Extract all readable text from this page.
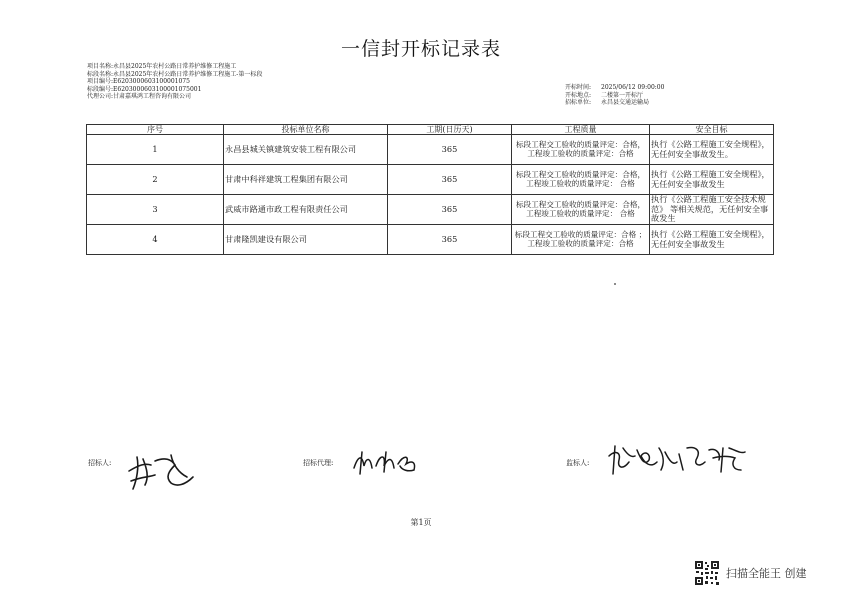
一信封开标记录表
项目名称:永昌县2025年农村公路日常养护维修工程施工
标段名称:永昌县2025年农村公路日常养护维修工程施工-第一标段
项目编号:E6203000603100001075
标段编号:E6203000603100001075001
代理公司:甘肃嘉琪鸿工程咨询有限公司
开标时间: 2025/06/12 09:00:00
开标地点: 二楼第一开标厅
招标单位: 永昌县交通运输局
序号	投标单位名称	工期(日历天)	工程质量	安全目标
1	永昌县城关镇建筑安装工程有限公司	365	标段工程交工验收的质量评定：合格，工程竣工验收的质量评定：合格	执行《公路工程施工安全规程》，无任何安全事故发生。
2	甘肃中科祥建筑工程集团有限公司	365	标段工程交工验收的质量评定：合格，工程竣工验收的质量评定： 合格	执行《公路工程施工安全规程》，无任何安全事故发生
3	武威市路通市政工程有限责任公司	365	标段工程交工验收的质量评定：合格，工程竣工验收的质量评定： 合格	执行《公路工程施工安全技术规范》 等相关规范，无任何安全事故发生
4	甘肃隆凯建设有限公司	365	标段工程交工验收的质量评定：合格 ；工程竣工验收的质量评定：合格	执行《公路工程施工安全规程》，无任何安全事故发生
招标人:	招标代理:	监标人:
第1页
扫描全能王 创建
